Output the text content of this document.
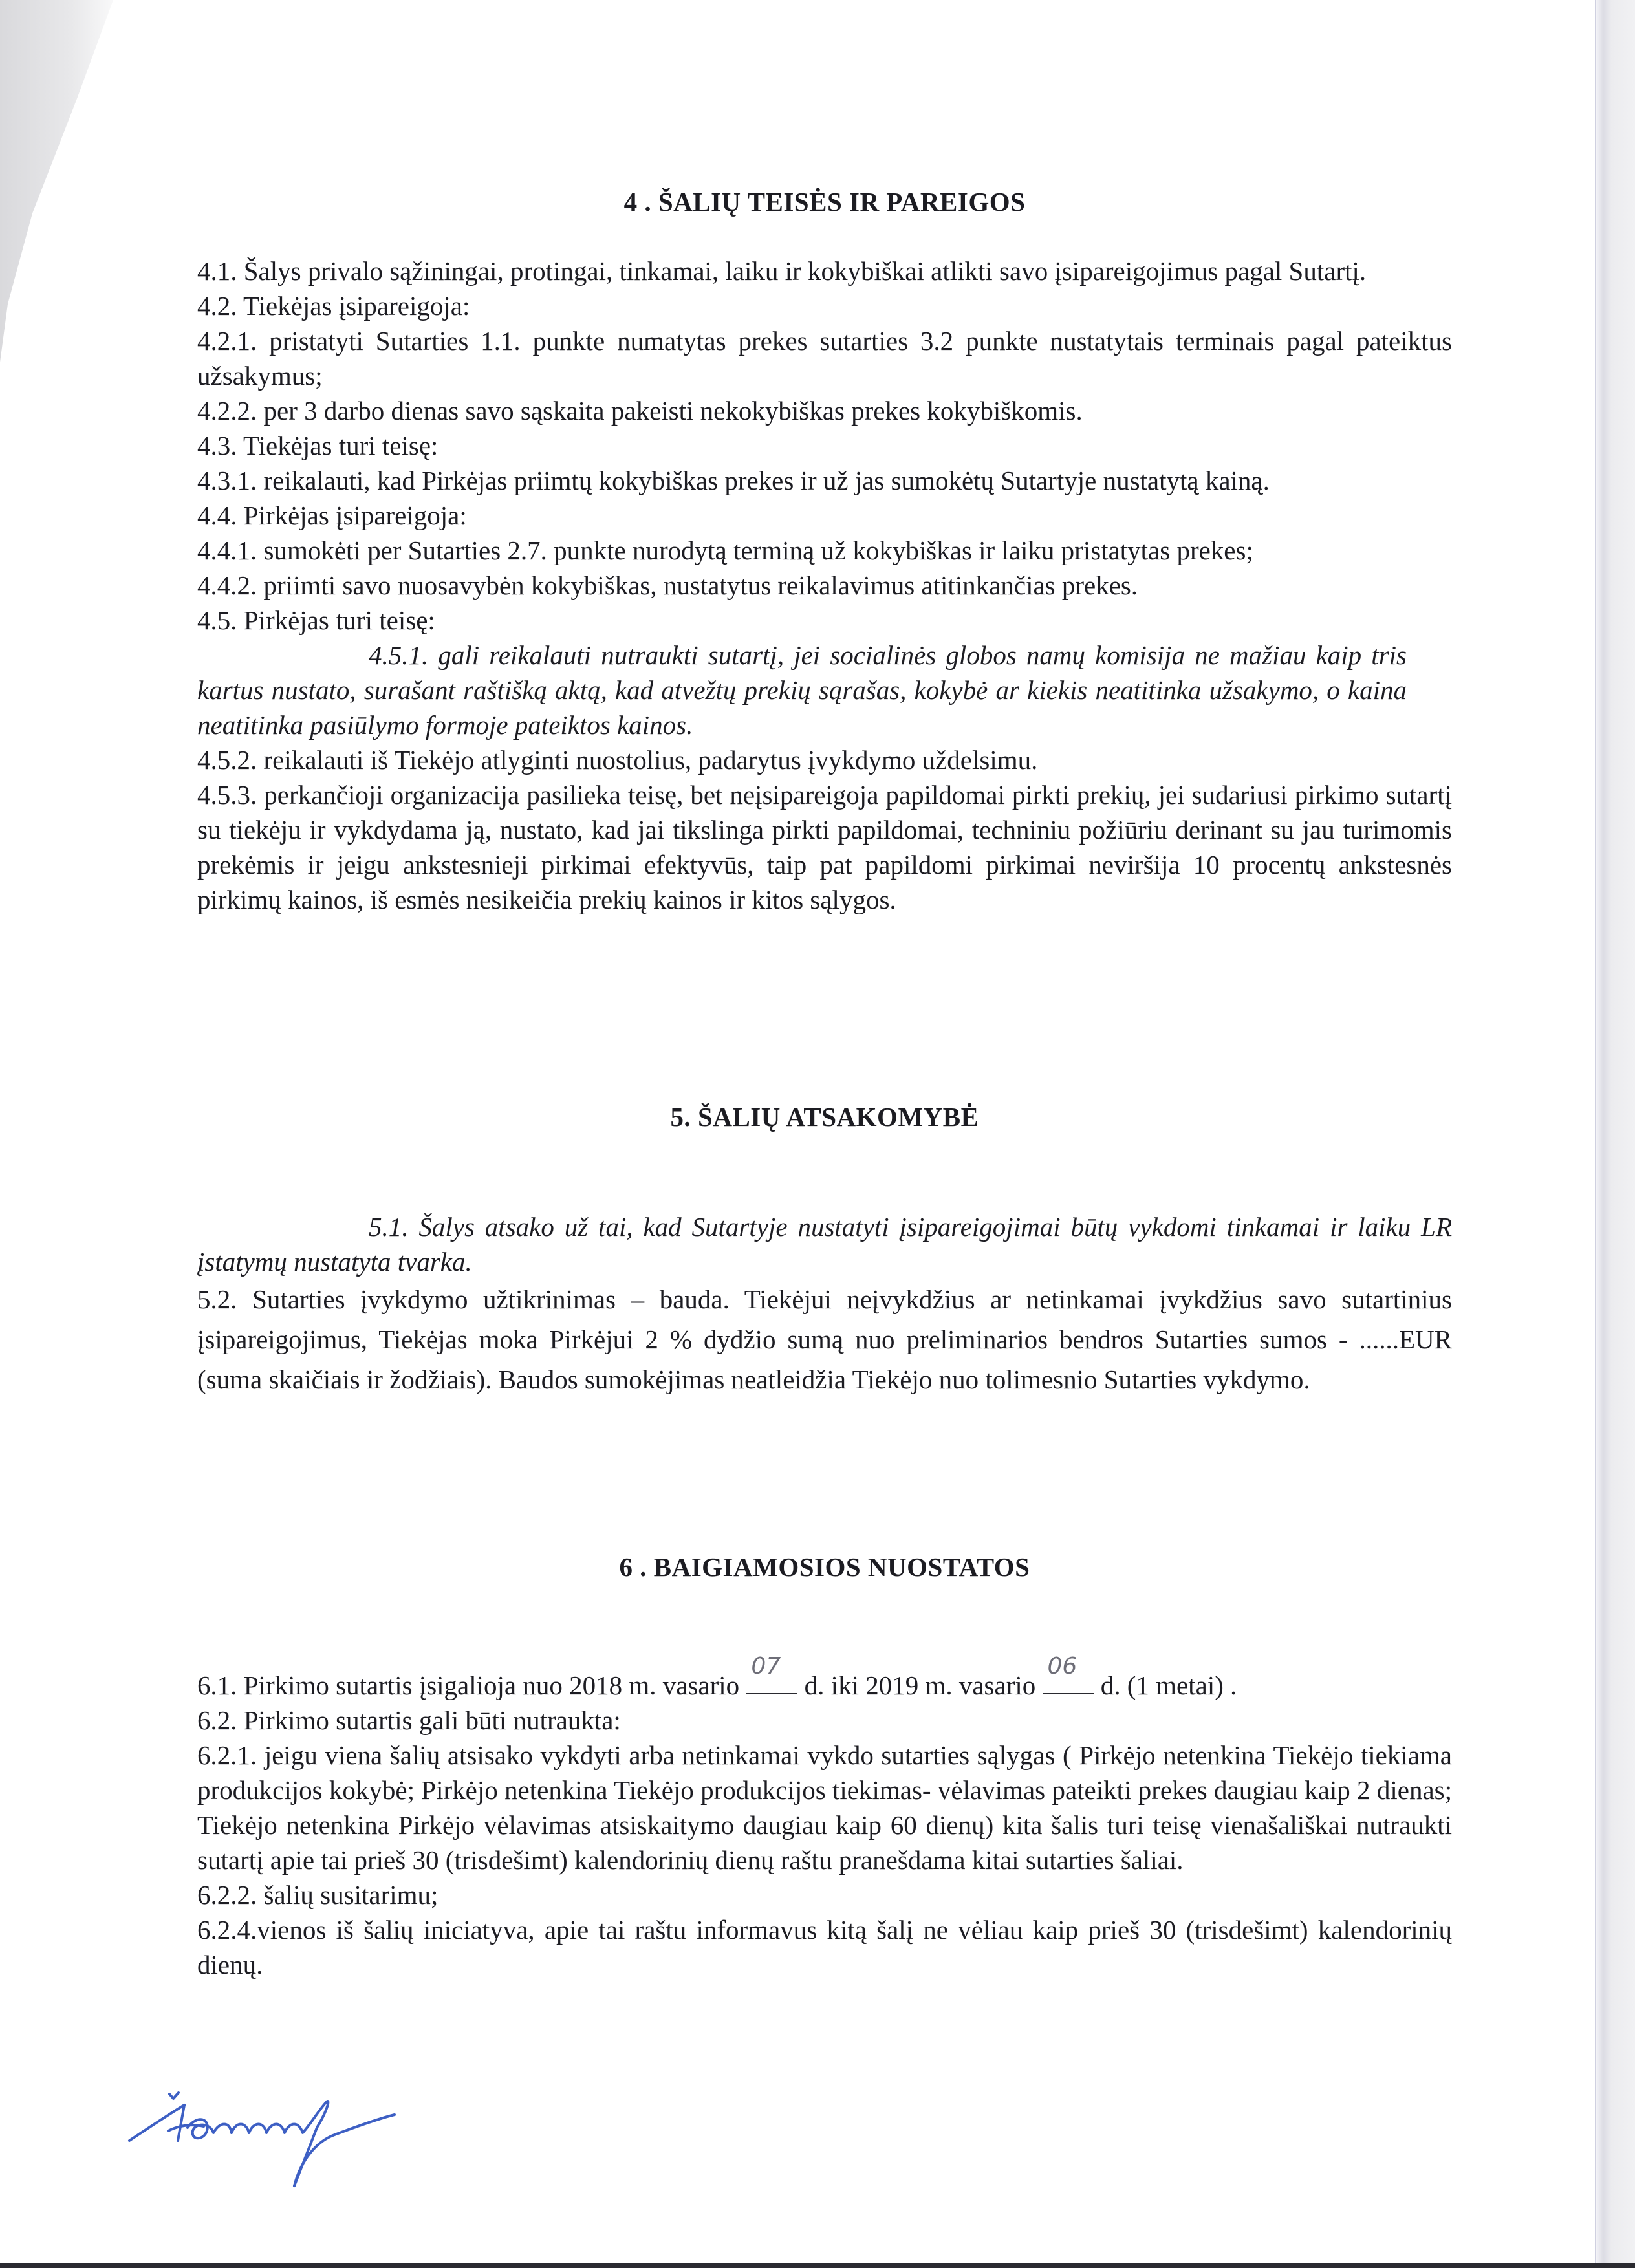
4 . ŠALIŲ TEISĖS IR PAREIGOS

4.1. Šalys privalo sąžiningai, protingai, tinkamai, laiku ir kokybiškai atlikti savo įsipareigojimus pagal Sutartį.

4.2. Tiekėjas įsipareigoja:

4.2.1. pristatyti Sutarties 1.1. punkte numatytas prekes sutarties 3.2 punkte nustatytais terminais pagal pateiktus užsakymus;

4.2.2. per 3 darbo dienas savo sąskaita pakeisti nekokybiškas prekes kokybiškomis.

4.3. Tiekėjas turi teisę:

4.3.1. reikalauti, kad Pirkėjas priimtų kokybiškas prekes ir už jas sumokėtų Sutartyje nustatytą kainą.

4.4. Pirkėjas įsipareigoja:

4.4.1. sumokėti per Sutarties 2.7. punkte nurodytą terminą už kokybiškas ir laiku pristatytas prekes;

4.4.2. priimti savo nuosavybėn kokybiškas, nustatytus reikalavimus atitinkančias prekes.

4.5. Pirkėjas turi teisę:

4.5.1. gali reikalauti nutraukti sutartį, jei socialinės globos namų komisija ne mažiau kaip tris kartus nustato, surašant raštišką aktą, kad atvežtų prekių sąrašas, kokybė ar kiekis neatitinka užsakymo, o kaina neatitinka pasiūlymo formoje pateiktos kainos.

4.5.2. reikalauti iš Tiekėjo atlyginti nuostolius, padarytus įvykdymo uždelsimu.

4.5.3. perkančioji organizacija pasilieka teisę, bet neįsipareigoja papildomai pirkti prekių, jei sudariusi pirkimo sutartį su tiekėju ir vykdydama ją, nustato, kad jai tikslinga pirkti papildomai, techniniu požiūriu derinant su jau turimomis prekėmis ir jeigu ankstesnieji pirkimai efektyvūs, taip pat papildomi pirkimai neviršija 10 procentų ankstesnės pirkimų kainos, iš esmės nesikeičia prekių kainos ir kitos sąlygos.

5. ŠALIŲ ATSAKOMYBĖ

5.1. Šalys atsako už tai, kad Sutartyje nustatyti įsipareigojimai būtų vykdomi tinkamai ir laiku LR įstatymų nustatyta tvarka.

5.2. Sutarties įvykdymo užtikrinimas – bauda. Tiekėjui neįvykdžius ar netinkamai įvykdžius savo sutartinius įsipareigojimus, Tiekėjas moka Pirkėjui 2 % dydžio sumą nuo preliminarios bendros Sutarties sumos - ......EUR (suma skaičiais ir žodžiais). Baudos sumokėjimas neatleidžia Tiekėjo nuo tolimesnio Sutarties vykdymo.

6 . BAIGIAMOSIOS NUOSTATOS

6.1. Pirkimo sutartis įsigalioja nuo 2018 m. vasario
07
d. iki 2019 m. vasario
06
d. (1 metai) .

6.2. Pirkimo sutartis gali būti nutraukta:

6.2.1. jeigu viena šalių atsisako vykdyti arba netinkamai vykdo sutarties sąlygas ( Pirkėjo netenkina Tiekėjo tiekiama produkcijos kokybė; Pirkėjo netenkina Tiekėjo produkcijos tiekimas- vėlavimas pateikti prekes daugiau kaip 2 dienas; Tiekėjo netenkina Pirkėjo vėlavimas atsiskaitymo daugiau kaip 60 dienų) kita šalis turi teisę vienašališkai nutraukti sutartį apie tai prieš 30 (trisdešimt) kalendorinių dienų raštu pranešdama kitai sutarties šaliai.

6.2.2. šalių susitarimu;

6.2.4.vienos iš šalių iniciatyva, apie tai raštu informavus kitą šalį ne vėliau kaip prieš 30 (trisdešimt) kalendorinių dienų.
